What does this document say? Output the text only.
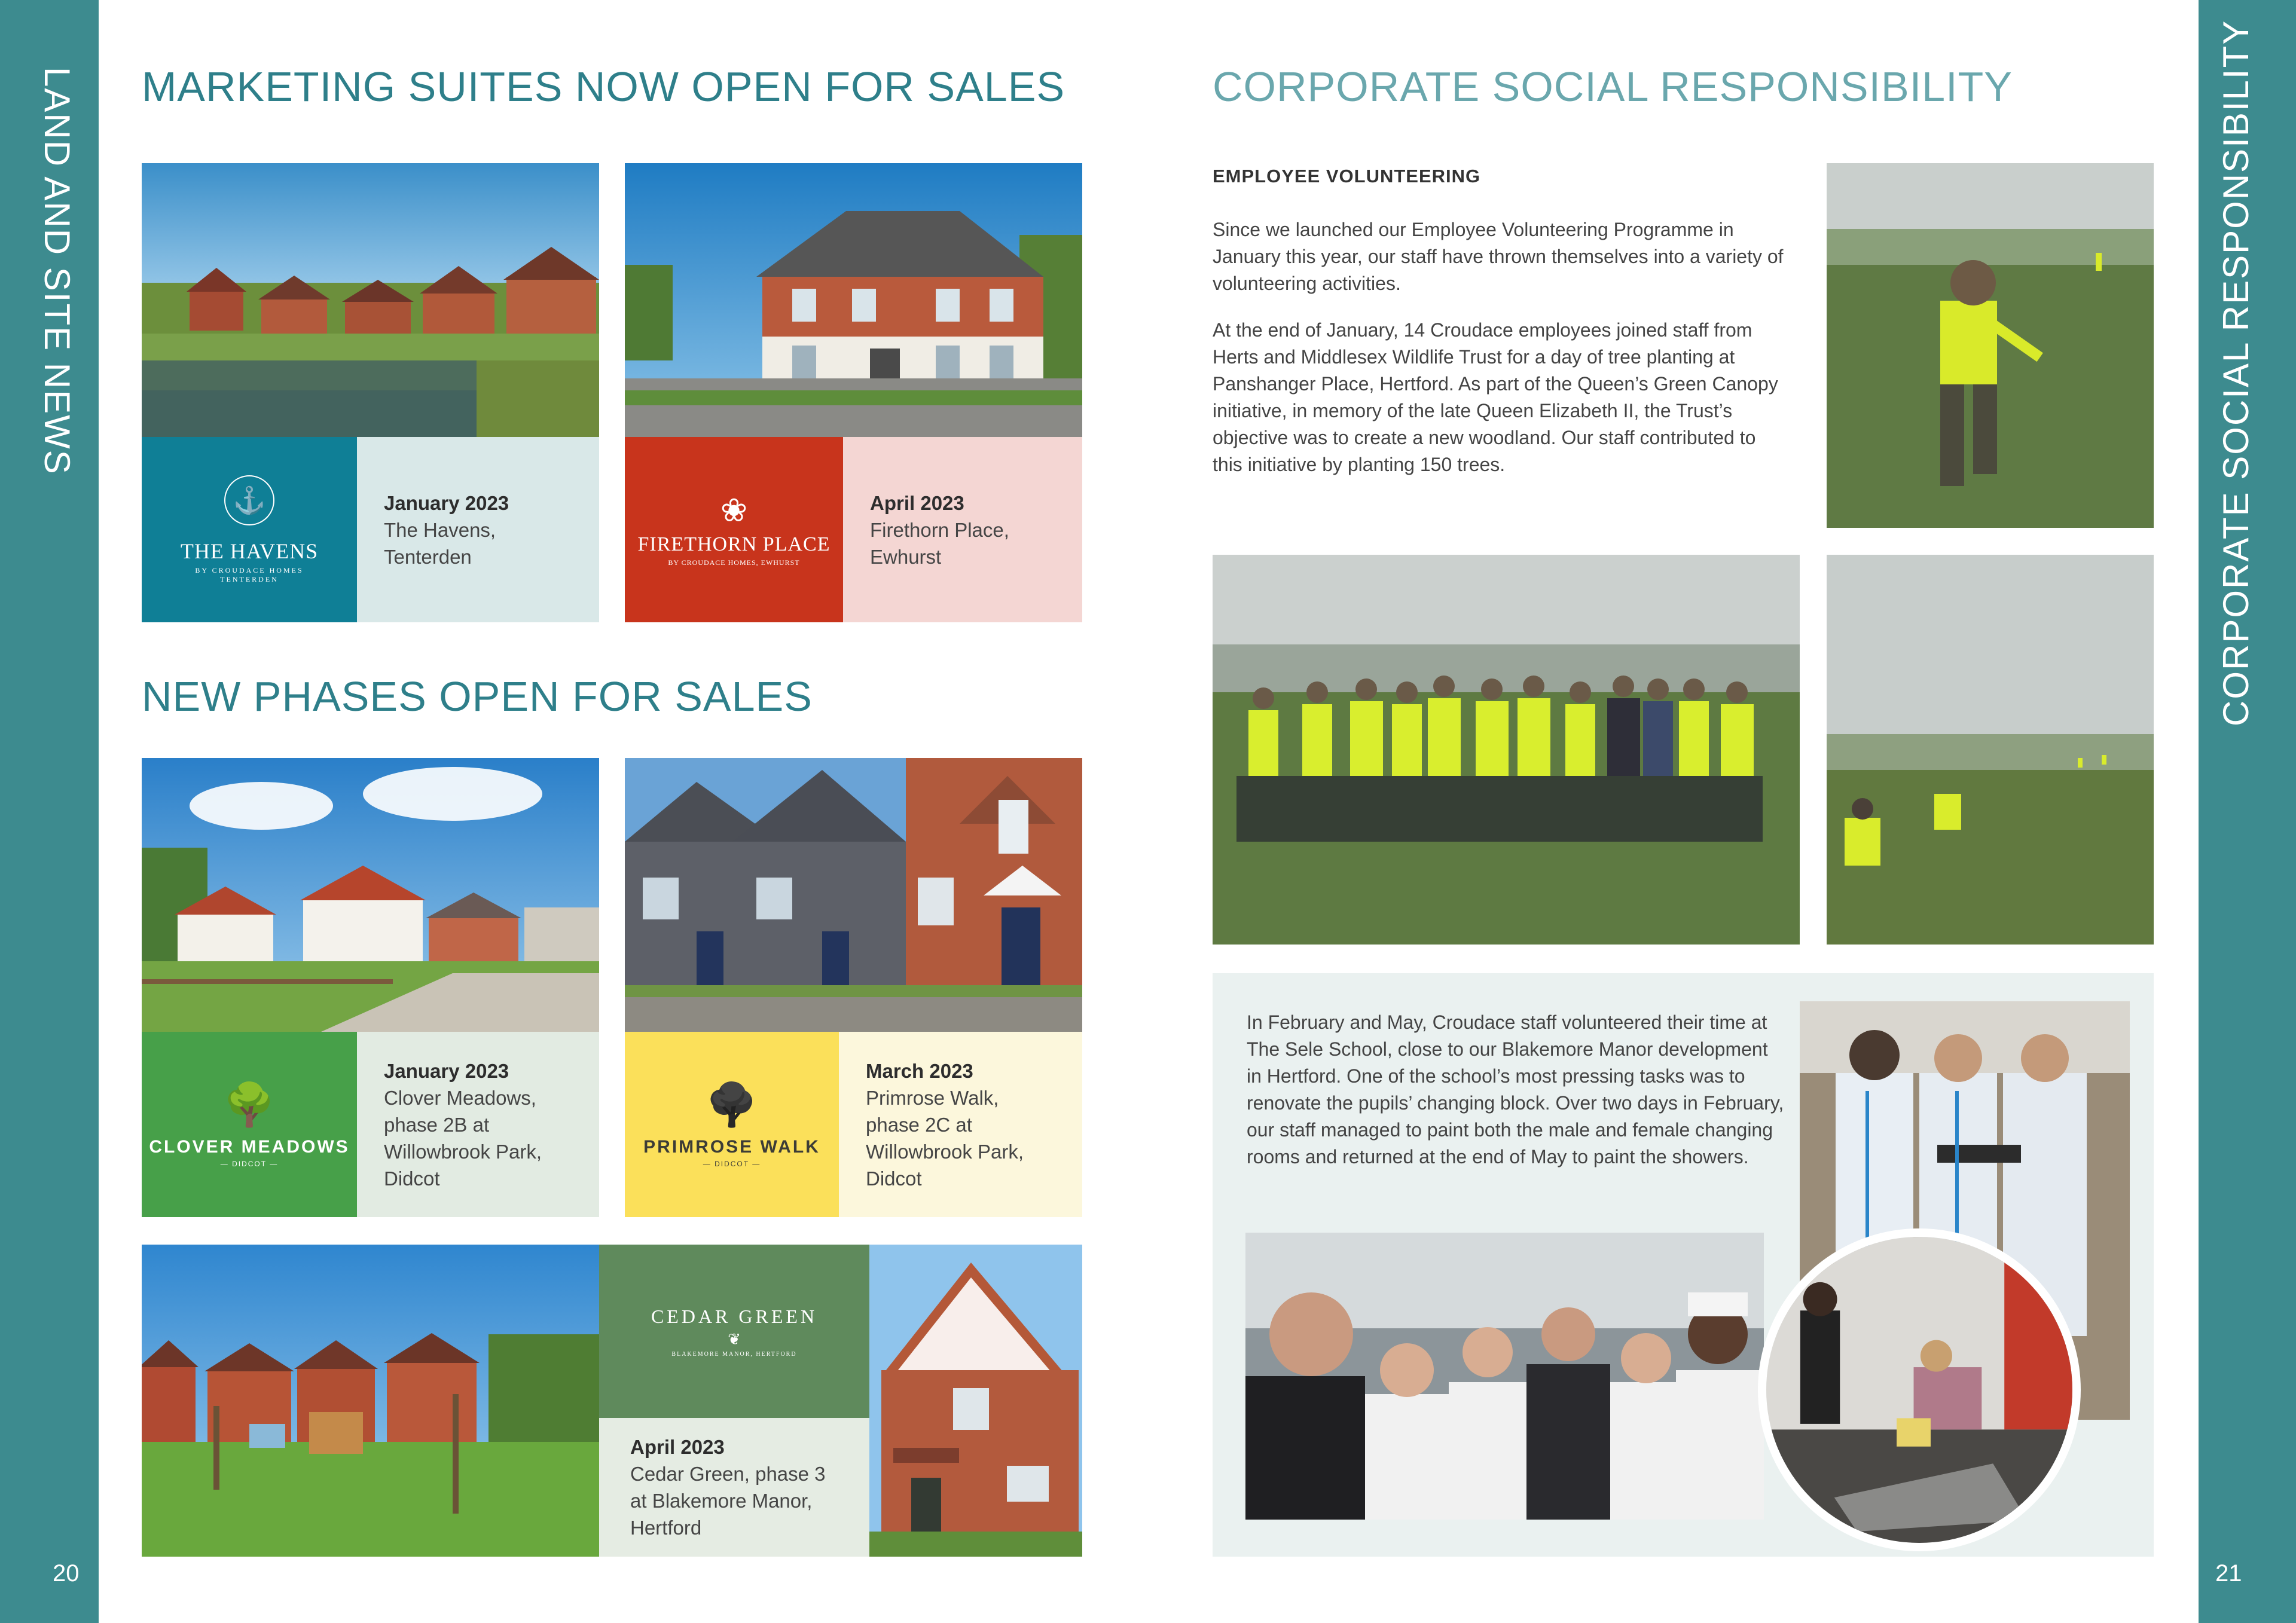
LAND AND SITE NEWS	CORPORATE SOCIAL RESPONSIBILITY
20	21
MARKETING SUITES NOW OPEN FOR SALES
⚓
THE HAVENS
BY CROUDACE HOMES
TENTERDEN
January 2023
The Havens,
Tenterden
❀
FIRETHORN PLACE
BY CROUDACE HOMES, EWHURST
April 2023
Firethorn Place,
Ewhurst
NEW PHASES OPEN FOR SALES
🌳
CLOVER MEADOWS
— DIDCOT —
January 2023
Clover Meadows,
phase 2B at
Willowbrook Park,
Didcot
🌳
PRIMROSE WALK
— DIDCOT —
March 2023
Primrose Walk,
phase 2C at
Willowbrook Park,
Didcot
CEDAR GREEN
❦
BLAKEMORE MANOR, HERTFORD
April 2023
Cedar Green, phase 3
at Blakemore Manor,
Hertford
CORPORATE SOCIAL RESPONSIBILITY
EMPLOYEE VOLUNTEERING
Since we launched our Employee Volunteering Programme in January this year, our staff have thrown themselves into a variety of volunteering activities.
At the end of January, 14 Croudace employees joined staff from Herts and Middlesex Wildlife Trust for a day of tree planting at Panshanger Place, Hertford. As part of the Queen’s Green Canopy initiative, in memory of the late Queen Elizabeth II, the Trust’s objective was to create a new woodland. Our staff contributed to this initiative by planting 150 trees.
In February and May, Croudace staff volunteered their time at The Sele School, close to our Blakemore Manor development in Hertford. One of the school’s most pressing tasks was to renovate the pupils’ changing block. Over two days in February, our staff managed to paint both the male and female changing rooms and returned at the end of May to paint the showers.
